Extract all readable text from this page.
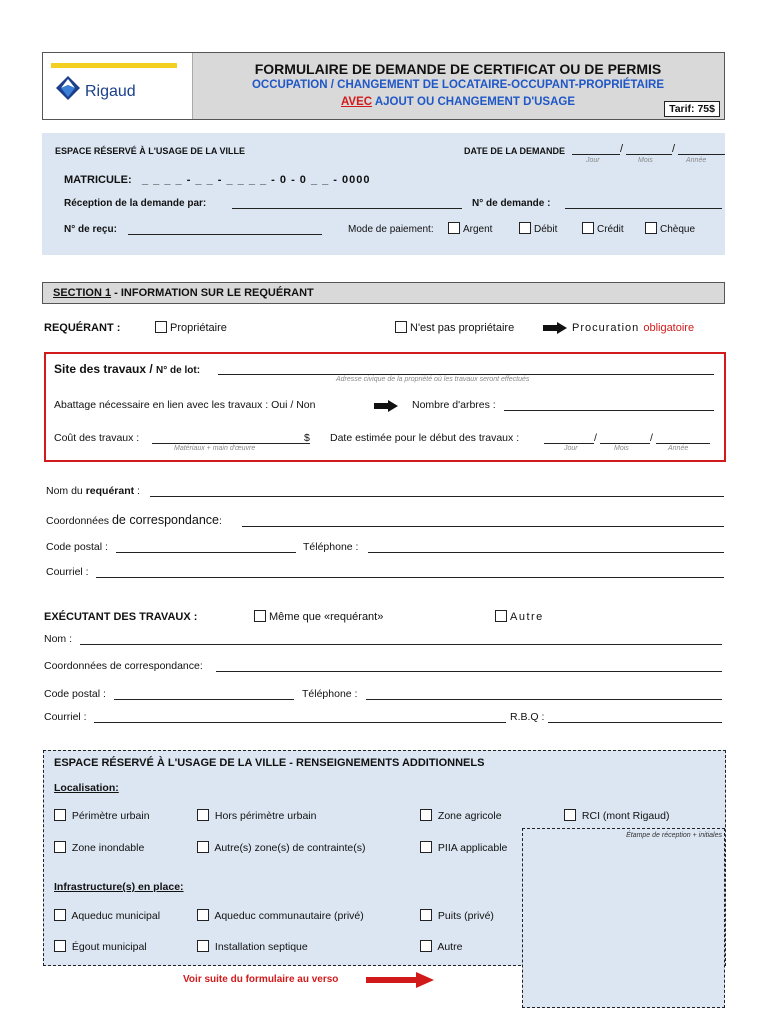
Rigaud
FORMULAIRE DE DEMANDE DE CERTIFICAT OU DE PERMIS
OCCUPATION / CHANGEMENT DE LOCATAIRE-OCCUPANT-PROPRIÉTAIRE
AVEC AJOUT OU CHANGEMENT D'USAGE
Tarif: 75$
ESPACE RÉSERVÉ À L'USAGE DE LA VILLE	DATE DE LA DEMANDE	/	/
Jour	Mois	Année
MATRICULE: _ _ _ _ - _ _ - _ _ _ _ - 0 - 0 _ _ - 0000
Réception de la demande par:	N° de demande :
N° de reçu:	Mode de paiement:	Argent	Débit	Crédit	Chèque
SECTION 1 - INFORMATION SUR LE REQUÉRANT
REQUÉRANT :	Propriétaire	N'est pas propriétaire	Procuration obligatoire
Site des travaux / N° de lot:
Adresse civique de la propriété où les travaux seront effectués
Abattage nécessaire en lien avec les travaux : Oui / Non	Nombre d'arbres :
Coût des travaux :	$
Matériaux + main d'œuvre
Date estimée pour le début des travaux :	/	/
Jour	Mois	Année
Nom du requérant :
Coordonnées de correspondance:
Code postal :	Téléphone :
Courriel :
EXÉCUTANT DES TRAVAUX :	Même que «requérant»	Autre
Nom :
Coordonnées de correspondance:
Code postal :	Téléphone :
Courriel :	R.B.Q :
ESPACE RÉSERVÉ À L'USAGE DE LA VILLE - RENSEIGNEMENTS ADDITIONNELS
Localisation:
Périmètre urbain	Hors périmètre urbain	Zone agricole	RCI (mont Rigaud)
Zone inondable	Autre(s) zone(s) de contrainte(s)	PIIA applicable
Infrastructure(s) en place:
Aqueduc municipal	Aqueduc communautaire (privé)	Puits (privé)
Égout municipal	Installation septique	Autre
Étampe de réception + initiales
Voir suite du formulaire au verso
